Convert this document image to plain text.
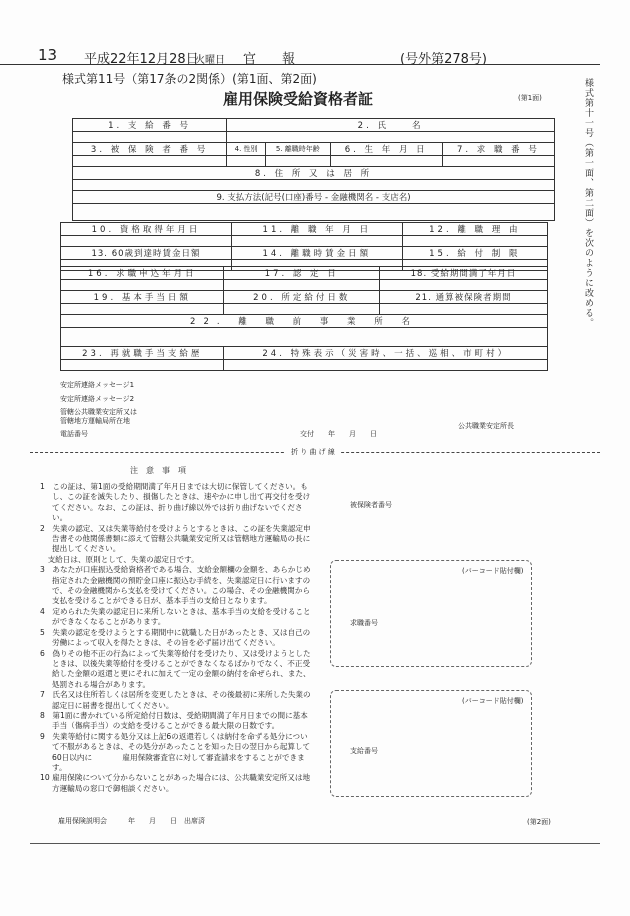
13 平成22年12月28日
火曜日 官　　報	(号外第278号)
様式第11号（第17条の2関係）(第1面、第2面)
雇用保険受給資格者証	(第1面)	様式第十一号（第一面、第二面）を次のように改める。
1. 支 給 番 号	2. 氏　　名			

3. 被 保 険 者 番 号	4. 性別	5. 離職時年齢	6. 生 年 月 日	7. 求 職 番 号

8. 住 所 又 は 居 所				

9. 支払方法(記号(口座)番号 - 金融機関名 - 支店名)				

10. 資格取得年月日	11. 離 職 年 月 日	12. 離 職 理 由

13. 60歳到達時賃金日額	14. 離職時賃金日額	15. 給 付 制 限

16. 求職申込年月日	17. 認 定 日	18. 受給期間満了年月日

19. 基本手当日額	20. 所定給付日数	21. 通算被保険者期間

22. 離 職 前 事 業 所 名		

23. 再就職手当支給歴	24. 特殊表示（災害時、一括、巡相、市町村）	

安定所連絡メッセージ1
安定所連絡メッセージ2
管轄公共職業安定所又は
管轄地方運輸局所在地
電話番号	交付　　年　　月　　日
公共職業安定所長
折 り 曲 げ 線
注　意　事　項

1　この証は、第1面の受給期間満了年月日までは大切に保管してください。もし、この証を滅失したり、損傷したときは、速やかに申し出て再交付を受けてください。なお、この証は、折り曲げ線以外では折り曲げないでください。

2　失業の認定、又は失業等給付を受けようとするときは、この証を失業認定申告書その他関係書類に添えて管轄公共職業安定所又は管轄地方運輸局の長に提出してください。

　支給日は、原則として、失業の認定日です。

3　あなたが口座振込受給資格者である場合、支給金額欄の金額を、あらかじめ指定された金融機関の預貯金口座に振込む手続を、失業認定日に行いますので、その金融機関から支払を受けてください。この場合、その金融機関から支払を受けることができる日が、基本手当の支給日となります。

4　定められた失業の認定日に来所しないときは、基本手当の支給を受けることができなくなることがあります。

5　失業の認定を受けようとする期間中に就職した日があったとき、又は自己の労働によって収入を得たときは、その旨を必ず届け出てください。

6　偽りその他不正の行為によって失業等給付を受けたり、又は受けようとしたときは、以後失業等給付を受けることができなくなるばかりでなく、不正受給した金額の返還と更にそれに加えて一定の金額の納付を命ぜられ、また、処罰される場合があります。

7　氏名又は住所若しくは居所を変更したときは、その後最初に来所した失業の認定日に届書を提出してください。

8　第1面に書かれている所定給付日数は、受給期間満了年月日までの間に基本手当（傷病手当）の支給を受けることができる最大限の日数です。

9　失業等給付に関する処分又は上記6の返還若しくは納付を命ずる処分について不服があるときは、その処分があったことを知った日の翌日から起算して60日以内に　　　　雇用保険審査官に対して審査請求をすることができます。

10 雇用保険について分からないことがあった場合には、公共職業安定所又は地方運輸局の窓口で御相談ください。

雇用保険説明会　　　年　　月　　日　出席済
被保険者番号
(バーコード貼付欄)
求職番号
(バーコード貼付欄)
支給番号
(第2面)
